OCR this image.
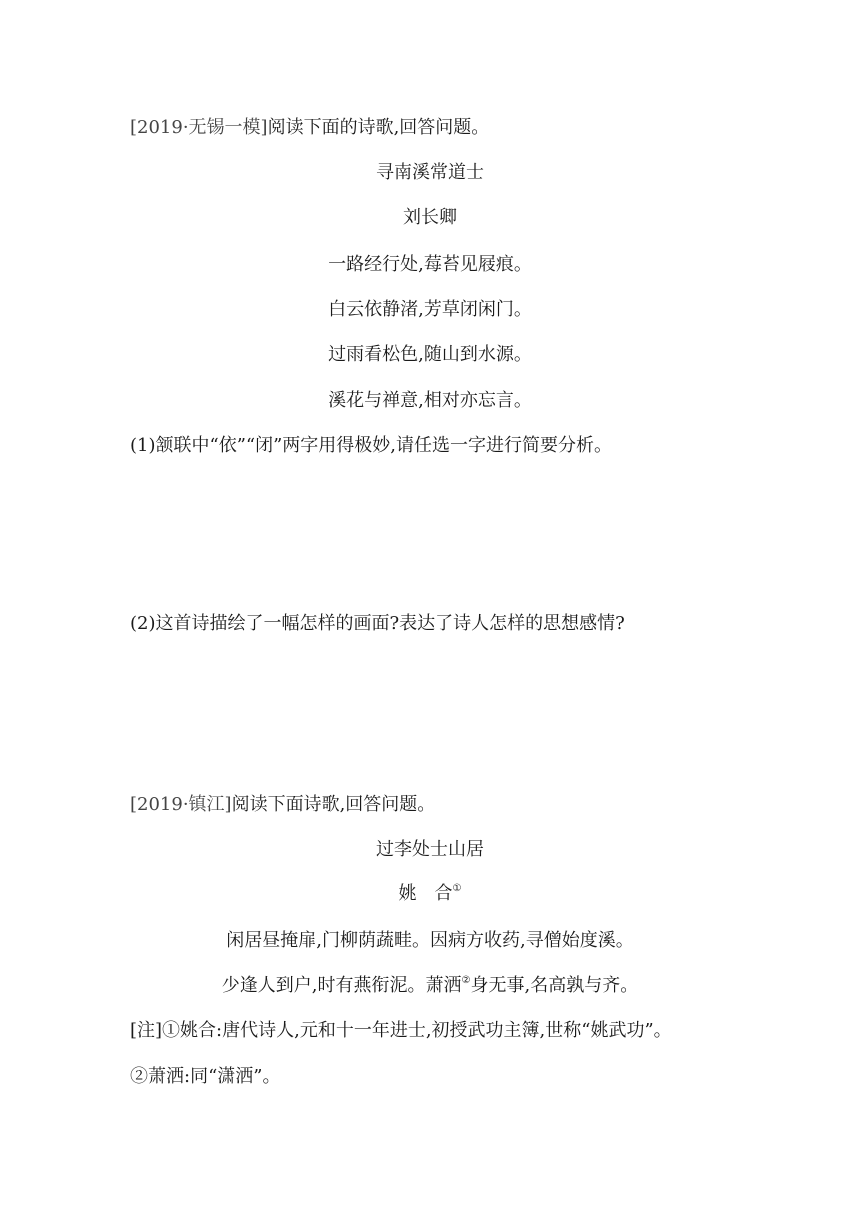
[2019·无锡一模]阅读下面的诗歌,回答问题。
寻南溪常道士
刘长卿
一路经行处,莓苔见屐痕。
白云依静渚,芳草闭闲门。
过雨看松色,随山到水源。
溪花与禅意,相对亦忘言。
(1)颔联中“依”“闭”两字用得极妙,请任选一字进行简要分析。
(2)这首诗描绘了一幅怎样的画面?表达了诗人怎样的思想感情?
[2019·镇江]阅读下面诗歌,回答问题。
过李处士山居
姚　合①
闲居昼掩扉,门柳荫蔬畦。因病方收药,寻僧始度溪。
少逢人到户,时有燕衔泥。萧洒②身无事,名高孰与齐。
[注]①姚合:唐代诗人,元和十一年进士,初授武功主簿,世称“姚武功”。
②萧洒:同“潇洒”。
